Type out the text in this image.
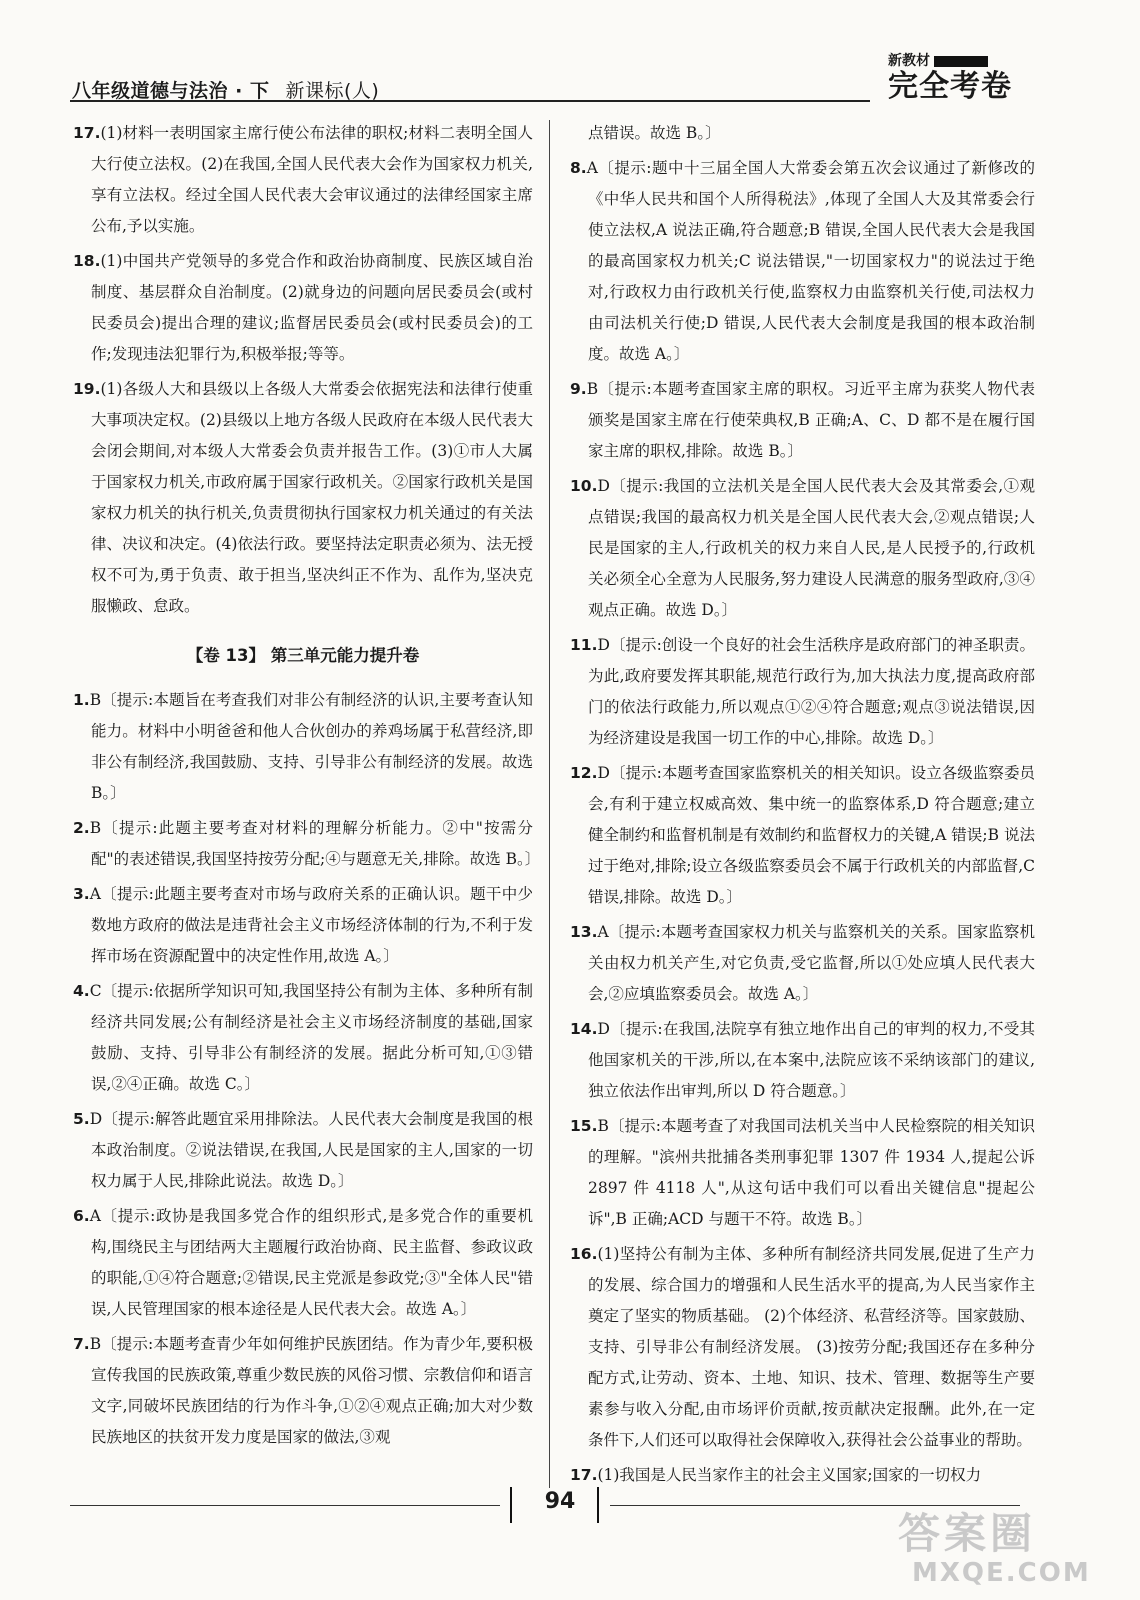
八年级道德与法治 · 下 新课标(人)
新教材
完全考卷
17.(1)材料一表明国家主席行使公布法律的职权;材料二表明全国人大行使立法权。(2)在我国,全国人民代表大会作为国家权力机关,享有立法权。经过全国人民代表大会审议通过的法律经国家主席公布,予以实施。
18.(1)中国共产党领导的多党合作和政治协商制度、民族区域自治制度、基层群众自治制度。(2)就身边的问题向居民委员会(或村民委员会)提出合理的建议;监督居民委员会(或村民委员会)的工作;发现违法犯罪行为,积极举报;等等。
19.(1)各级人大和县级以上各级人大常委会依据宪法和法律行使重大事项决定权。(2)县级以上地方各级人民政府在本级人民代表大会闭会期间,对本级人大常委会负责并报告工作。(3)①市人大属于国家权力机关,市政府属于国家行政机关。②国家行政机关是国家权力机关的执行机关,负责贯彻执行国家权力机关通过的有关法律、决议和决定。(4)依法行政。要坚持法定职责必须为、法无授权不可为,勇于负责、敢于担当,坚决纠正不作为、乱作为,坚决克服懒政、怠政。
【卷 13】 第三单元能力提升卷
1.B〔提示:本题旨在考查我们对非公有制经济的认识,主要考查认知能力。材料中小明爸爸和他人合伙创办的养鸡场属于私营经济,即非公有制经济,我国鼓励、支持、引导非公有制经济的发展。故选 B。〕
2.B〔提示:此题主要考查对材料的理解分析能力。②中"按需分配"的表述错误,我国坚持按劳分配;④与题意无关,排除。故选 B。〕
3.A〔提示:此题主要考查对市场与政府关系的正确认识。题干中少数地方政府的做法是违背社会主义市场经济体制的行为,不利于发挥市场在资源配置中的决定性作用,故选 A。〕
4.C〔提示:依据所学知识可知,我国坚持公有制为主体、多种所有制经济共同发展;公有制经济是社会主义市场经济制度的基础,国家鼓励、支持、引导非公有制经济的发展。据此分析可知,①③错误,②④正确。故选 C。〕
5.D〔提示:解答此题宜采用排除法。人民代表大会制度是我国的根本政治制度。②说法错误,在我国,人民是国家的主人,国家的一切权力属于人民,排除此说法。故选 D。〕
6.A〔提示:政协是我国多党合作的组织形式,是多党合作的重要机构,围绕民主与团结两大主题履行政治协商、民主监督、参政议政的职能,①④符合题意;②错误,民主党派是参政党;③"全体人民"错误,人民管理国家的根本途径是人民代表大会。故选 A。〕
7.B〔提示:本题考查青少年如何维护民族团结。作为青少年,要积极宣传我国的民族政策,尊重少数民族的风俗习惯、宗教信仰和语言文字,同破坏民族团结的行为作斗争,①②④观点正确;加大对少数民族地区的扶贫开发力度是国家的做法,③观
点错误。故选 B。〕
8.A〔提示:题中十三届全国人大常委会第五次会议通过了新修改的《中华人民共和国个人所得税法》,体现了全国人大及其常委会行使立法权,A 说法正确,符合题意;B 错误,全国人民代表大会是我国的最高国家权力机关;C 说法错误,"一切国家权力"的说法过于绝对,行政权力由行政机关行使,监察权力由监察机关行使,司法权力由司法机关行使;D 错误,人民代表大会制度是我国的根本政治制度。故选 A。〕
9.B〔提示:本题考查国家主席的职权。习近平主席为获奖人物代表颁奖是国家主席在行使荣典权,B 正确;A、C、D 都不是在履行国家主席的职权,排除。故选 B。〕
10.D〔提示:我国的立法机关是全国人民代表大会及其常委会,①观点错误;我国的最高权力机关是全国人民代表大会,②观点错误;人民是国家的主人,行政机关的权力来自人民,是人民授予的,行政机关必须全心全意为人民服务,努力建设人民满意的服务型政府,③④观点正确。故选 D。〕
11.D〔提示:创设一个良好的社会生活秩序是政府部门的神圣职责。为此,政府要发挥其职能,规范行政行为,加大执法力度,提高政府部门的依法行政能力,所以观点①②④符合题意;观点③说法错误,因为经济建设是我国一切工作的中心,排除。故选 D。〕
12.D〔提示:本题考查国家监察机关的相关知识。设立各级监察委员会,有利于建立权威高效、集中统一的监察体系,D 符合题意;建立健全制约和监督机制是有效制约和监督权力的关键,A 错误;B 说法过于绝对,排除;设立各级监察委员会不属于行政机关的内部监督,C 错误,排除。故选 D。〕
13.A〔提示:本题考查国家权力机关与监察机关的关系。国家监察机关由权力机关产生,对它负责,受它监督,所以①处应填人民代表大会,②应填监察委员会。故选 A。〕
14.D〔提示:在我国,法院享有独立地作出自己的审判的权力,不受其他国家机关的干涉,所以,在本案中,法院应该不采纳该部门的建议,独立依法作出审判,所以 D 符合题意。〕
15.B〔提示:本题考查了对我国司法机关当中人民检察院的相关知识的理解。"滨州共批捕各类刑事犯罪 1307 件 1934 人,提起公诉 2897 件 4118 人",从这句话中我们可以看出关键信息"提起公诉",B 正确;ACD 与题干不符。故选 B。〕
16.(1)坚持公有制为主体、多种所有制经济共同发展,促进了生产力的发展、综合国力的增强和人民生活水平的提高,为人民当家作主奠定了坚实的物质基础。 (2)个体经济、私营经济等。国家鼓励、支持、引导非公有制经济发展。 (3)按劳分配;我国还存在多种分配方式,让劳动、资本、土地、知识、技术、管理、数据等生产要素参与收入分配,由市场评价贡献,按贡献决定报酬。此外,在一定条件下,人们还可以取得社会保障收入,获得社会公益事业的帮助。
17.(1)我国是人民当家作主的社会主义国家;国家的一切权力
94
答案圈
MXQE.COM
